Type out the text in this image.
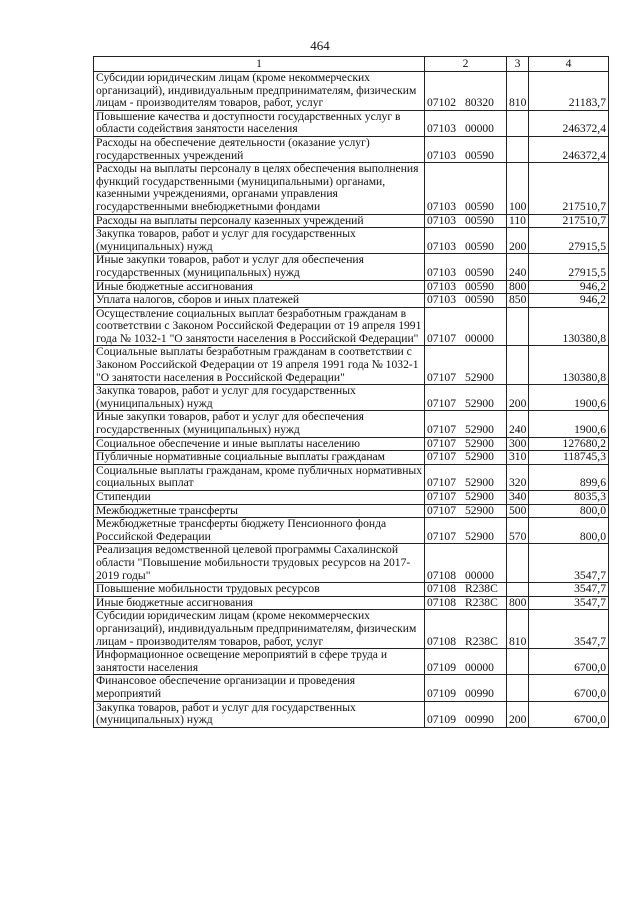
464
1	2	3	4
Субсидии юридическим лицам (кроме некоммерческих организаций), индивидуальным предпринимателям, физическим лицам - производителям товаров, работ, услуг	07102 80320	810	21183,7
Повышение качества и доступности государственных услуг в области содействия занятости населения	07103 00000		246372,4
Расходы на обеспечение деятельности (оказание услуг) государственных учреждений	07103 00590		246372,4
Расходы на выплаты персоналу в целях обеспечения выполнения функций государственными (муниципальными) органами, казенными учреждениями, органами управления государственными внебюджетными фондами	07103 00590	100	217510,7
Расходы на выплаты персоналу казенных учреждений	07103 00590	110	217510,7
Закупка товаров, работ и услуг для государственных (муниципальных) нужд	07103 00590	200	27915,5
Иные закупки товаров, работ и услуг для обеспечения государственных (муниципальных) нужд	07103 00590	240	27915,5
Иные бюджетные ассигнования	07103 00590	800	946,2
Уплата налогов, сборов и иных платежей	07103 00590	850	946,2
Осуществление социальных выплат безработным гражданам в соответствии с Законом Российской Федерации от 19 апреля 1991 года № 1032-1 "О занятости населения в Российской Федерации"	07107 00000		130380,8
Социальные выплаты безработным гражданам в соответствии с Законом Российской Федерации от 19 апреля 1991 года № 1032-1 "О занятости населения в Российской Федерации"	07107 52900		130380,8
Закупка товаров, работ и услуг для государственных (муниципальных) нужд	07107 52900	200	1900,6
Иные закупки товаров, работ и услуг для обеспечения государственных (муниципальных) нужд	07107 52900	240	1900,6
Социальное обеспечение и иные выплаты населению	07107 52900	300	127680,2
Публичные нормативные социальные выплаты гражданам	07107 52900	310	118745,3
Социальные выплаты гражданам, кроме публичных нормативных социальных выплат	07107 52900	320	899,6
Стипендии	07107 52900	340	8035,3
Межбюджетные трансферты	07107 52900	500	800,0
Межбюджетные трансферты бюджету Пенсионного фонда Российской Федерации	07107 52900	570	800,0
Реализация ведомственной целевой программы Сахалинской области "Повышение мобильности трудовых ресурсов на 2017-2019 годы"	07108 00000		3547,7
Повышение мобильности трудовых ресурсов	07108 R238C		3547,7
Иные бюджетные ассигнования	07108 R238C	800	3547,7
Субсидии юридическим лицам (кроме некоммерческих организаций), индивидуальным предпринимателям, физическим лицам - производителям товаров, работ, услуг	07108 R238C	810	3547,7
Информационное освещение мероприятий в сфере труда и занятости населения	07109 00000		6700,0
Финансовое обеспечение организации и проведения мероприятий	07109 00990		6700,0
Закупка товаров, работ и услуг для государственных (муниципальных) нужд	07109 00990	200	6700,0
